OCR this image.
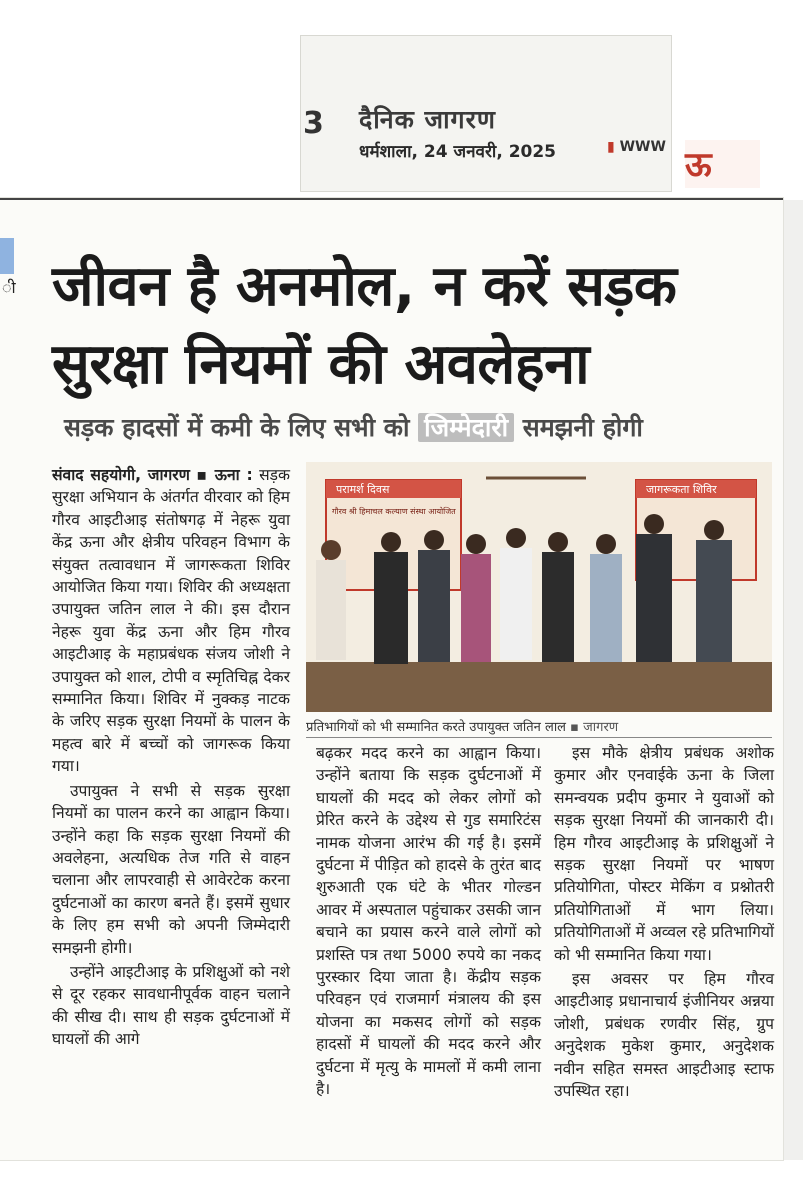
3 दैनिक जागरण
धर्मशाला, 24 जनवरी, 2025	▮ WWW ऊ
ी जीवन है अनमोल, न करें सड़क
सुरक्षा नियमों की अवलेहना
सड़क हादसों में कमी के लिए सभी को जिम्मेदारी समझनी होगी

संवाद सहयोगी, जागरण ▪ ऊना : सड़क सुरक्षा अभियान के अंतर्गत वीरवार को हिम गौरव आइटीआइ संतोषगढ़ में नेहरू युवा केंद्र ऊना और क्षेत्रीय परिवहन विभाग के संयुक्त तत्वावधान में जागरूकता शिविर आयोजित किया गया। शिविर की अध्यक्षता उपायुक्त जतिन लाल ने की। इस दौरान नेहरू युवा केंद्र ऊना और हिम गौरव आइटीआइ के महाप्रबंधक संजय जोशी ने उपायुक्त को शाल, टोपी व स्मृतिचिह्न देकर सम्मानित किया। शिविर में नुक्कड़ नाटक के जरिए सड़क सुरक्षा नियमों के पालन के महत्व बारे में बच्चों को जागरूक किया गया।

उपायुक्त ने सभी से सड़क सुरक्षा नियमों का पालन करने का आह्वान किया। उन्होंने कहा कि सड़क सुरक्षा नियमों की अवलेहना, अत्यधिक तेज गति से वाहन चलाना और लापरवाही से आवेरटेक करना दुर्घटनाओं का कारण बनते हैं। इसमें सुधार के लिए हम सभी को अपनी जिम्मेदारी समझनी होगी।

उन्होंने आइटीआइ के प्रशिक्षुओं को नशे से दूर रहकर सावधानीपूर्वक वाहन चलाने की सीख दी। साथ ही सड़क दुर्घटनाओं में घायलों की आगे

परामर्श दिवस
गौरव श्री हिमाचल कल्याण संस्था आयोजित
जागरूकता शिविर
प्रतिभागियों को भी सम्मानित करते उपायुक्त जतिन लाल ▪ जागरण

बढ़कर मदद करने का आह्वान किया। उन्होंने बताया कि सड़क दुर्घटनाओं में घायलों की मदद को लेकर लोगों को प्रेरित करने के उद्देश्य से गुड समारिटंस नामक योजना आरंभ की गई है। इसमें दुर्घटना में पीड़ित को हादसे के तुरंत बाद शुरुआती एक घंटे के भीतर गोल्डन आवर में अस्पताल पहुंचाकर उसकी जान बचाने का प्रयास करने वाले लोगों को प्रशस्ति पत्र तथा 5000 रुपये का नकद पुरस्कार दिया जाता है। केंद्रीय सड़क परिवहन एवं राजमार्ग मंत्रालय की इस योजना का मकसद लोगों को सड़क हादसों में घायलों की मदद करने और दुर्घटना में मृत्यु के मामलों में कमी लाना है।

इस मौके क्षेत्रीय प्रबंधक अशोक कुमार और एनवाईके ऊना के जिला समन्वयक प्रदीप कुमार ने युवाओं को सड़क सुरक्षा नियमों की जानकारी दी। हिम गौरव आइटीआइ के प्रशिक्षुओं ने सड़क सुरक्षा नियमों पर भाषण प्रतियोगिता, पोस्टर मेकिंग व प्रश्नोतरी प्रतियोगिताओं में भाग लिया। प्रतियोगिताओं में अव्वल रहे प्रतिभागियों को भी सम्मानित किया गया।

इस अवसर पर हिम गौरव आइटीआइ प्रधानाचार्य इंजीनियर अन्नया जोशी, प्रबंधक रणवीर सिंह, ग्रुप अनुदेशक मुकेश कुमार, अनुदेशक नवीन सहित समस्त आइटीआइ स्टाफ उपस्थित रहा।
